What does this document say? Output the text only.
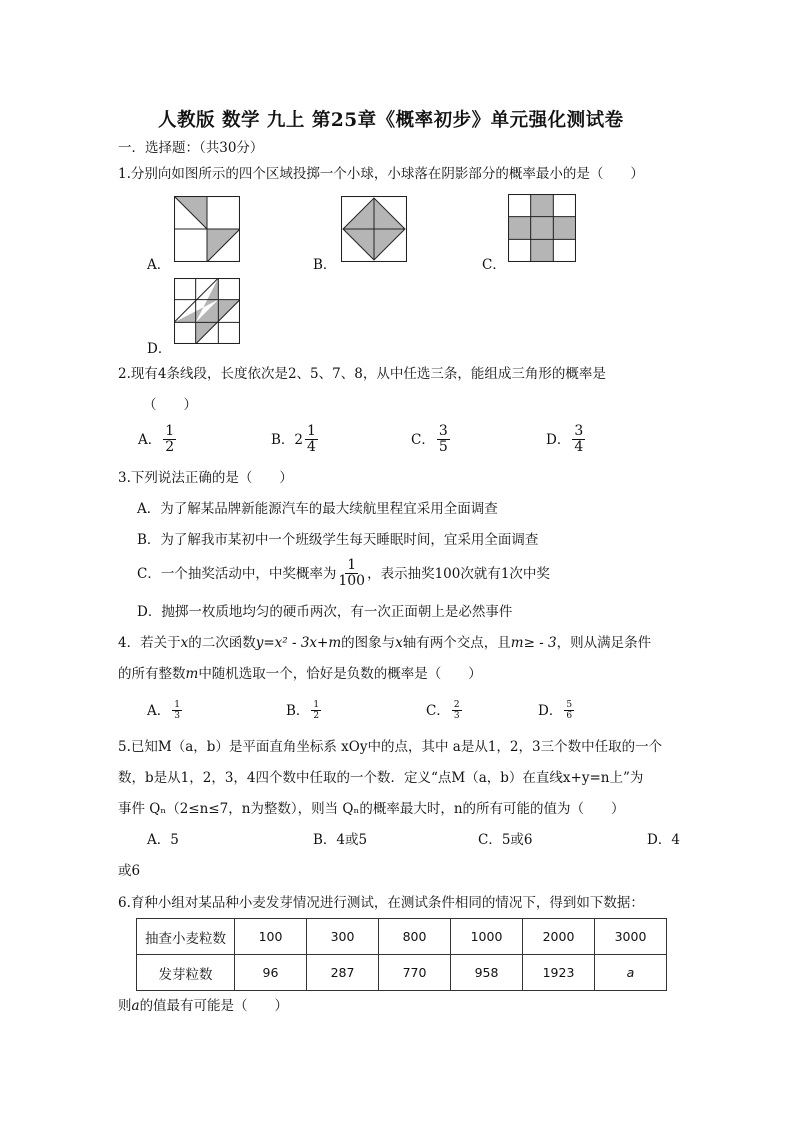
人教版 数学 九上 第25章《概率初步》单元强化测试卷
一．选择题：（共30分）
1.分别向如图所示的四个区域投掷一个小球，小球落在阴影部分的概率最小的是（　　）
A．	B．	C．
D．
2.现有4条线段，长度依次是2、5、7、8，从中任选三条，能组成三角形的概率是
（　　）
A． $\frac{1}{2}$	B． $2 \frac{1}{4}$	C． $\frac{3}{5}$	D． $\frac{3}{4}$
3.下列说法正确的是（　　）
A．为了解某品牌新能源汽车的最大续航里程宜采用全面调查
B．为了解我市某初中一个班级学生每天睡眠时间，宜采用全面调查
C．一个抽奖活动中，中奖概率为 $\frac{1}{100}$ ，表示抽奖100次就有1次中奖
D．抛掷一枚质地均匀的硬币两次，有一次正面朝上是必然事件
4．若关于x的二次函数y=x² - 3x+m的图象与x轴有两个交点，且m≥ - 3，则从满足条件
的所有整数m中随机选取一个，恰好是负数的概率是（　　）
A． $\frac{1}{3}$	B． $\frac{1}{2}$	C． $\frac{2}{3}$	D． $\frac{5}{6}$
5.已知M（a，b）是平面直角坐标系 xOy中的点，其中 a是从1，2，3三个数中任取的一个
数，b是从1，2，3，4四个数中任取的一个数．定义“点M（a，b）在直线x+y=n上”为
事件 Qₙ（2≤n≤7，n为整数），则当 Qₙ的概率最大时，n的所有可能的值为（　　）
A．5	B．4或5	C．5或6	D．4
或6
6.育种小组对某品种小麦发芽情况进行测试，在测试条件相同的情况下，得到如下数据：
抽查小麦粒数	100	300	800	1000	2000	3000
发芽粒数	96	287	770	958	1923	a
则a的值最有可能是（　　）
